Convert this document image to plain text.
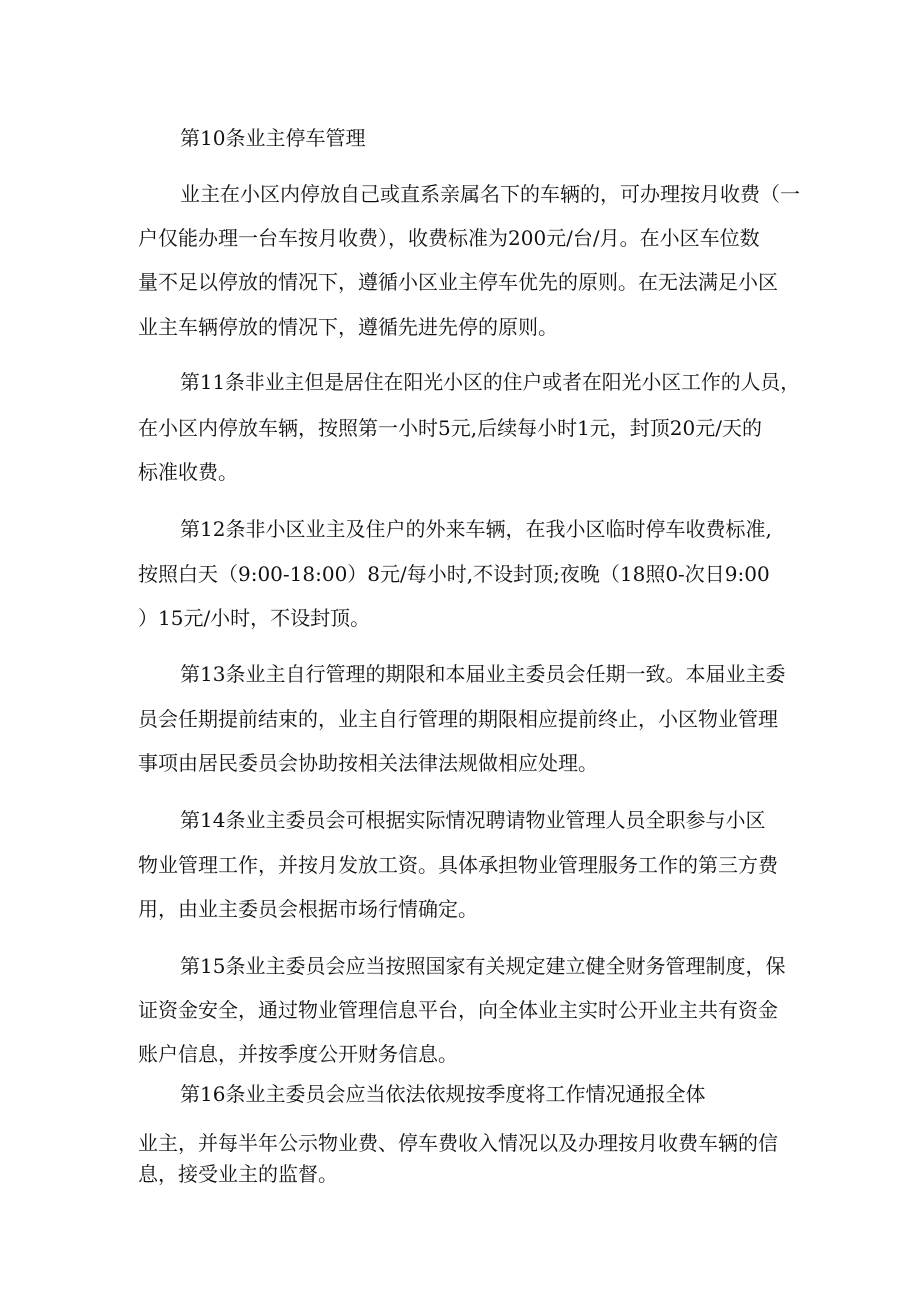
第10条业主停车管理
业主在小区内停放自己或直系亲属名下的车辆的，可办理按月收费（一
户仅能办理一台车按月收费），收费标准为200元/台/月。在小区车位数
量不足以停放的情况下，遵循小区业主停车优先的原则。在无法满足小区
业主车辆停放的情况下，遵循先进先停的原则。
第11条非业主但是居住在阳光小区的住户或者在阳光小区工作的人员，
在小区内停放车辆，按照第一小时5元,后续每小时1元，封顶20元/天的
标准收费。
第12条非小区业主及住户的外来车辆，在我小区临时停车收费标准,
按照白天（9:00-18:00）8元/每小时,不设封顶;夜晚（18照0-次日9:00
）15元/小时，不设封顶。
第13条业主自行管理的期限和本届业主委员会任期一致。本届业主委
员会任期提前结束的，业主自行管理的期限相应提前终止，小区物业管理
事项由居民委员会协助按相关法律法规做相应处理。
第14条业主委员会可根据实际情况聘请物业管理人员全职参与小区
物业管理工作，并按月发放工资。具体承担物业管理服务工作的第三方费
用，由业主委员会根据市场行情确定。
第15条业主委员会应当按照国家有关规定建立健全财务管理制度，保
证资金安全，通过物业管理信息平台，向全体业主实时公开业主共有资金
账户信息，并按季度公开财务信息。
第16条业主委员会应当依法依规按季度将工作情况通报全体
业主，并每半年公示物业费、停车费收入情况以及办理按月收费车辆的信
息，接受业主的监督。
